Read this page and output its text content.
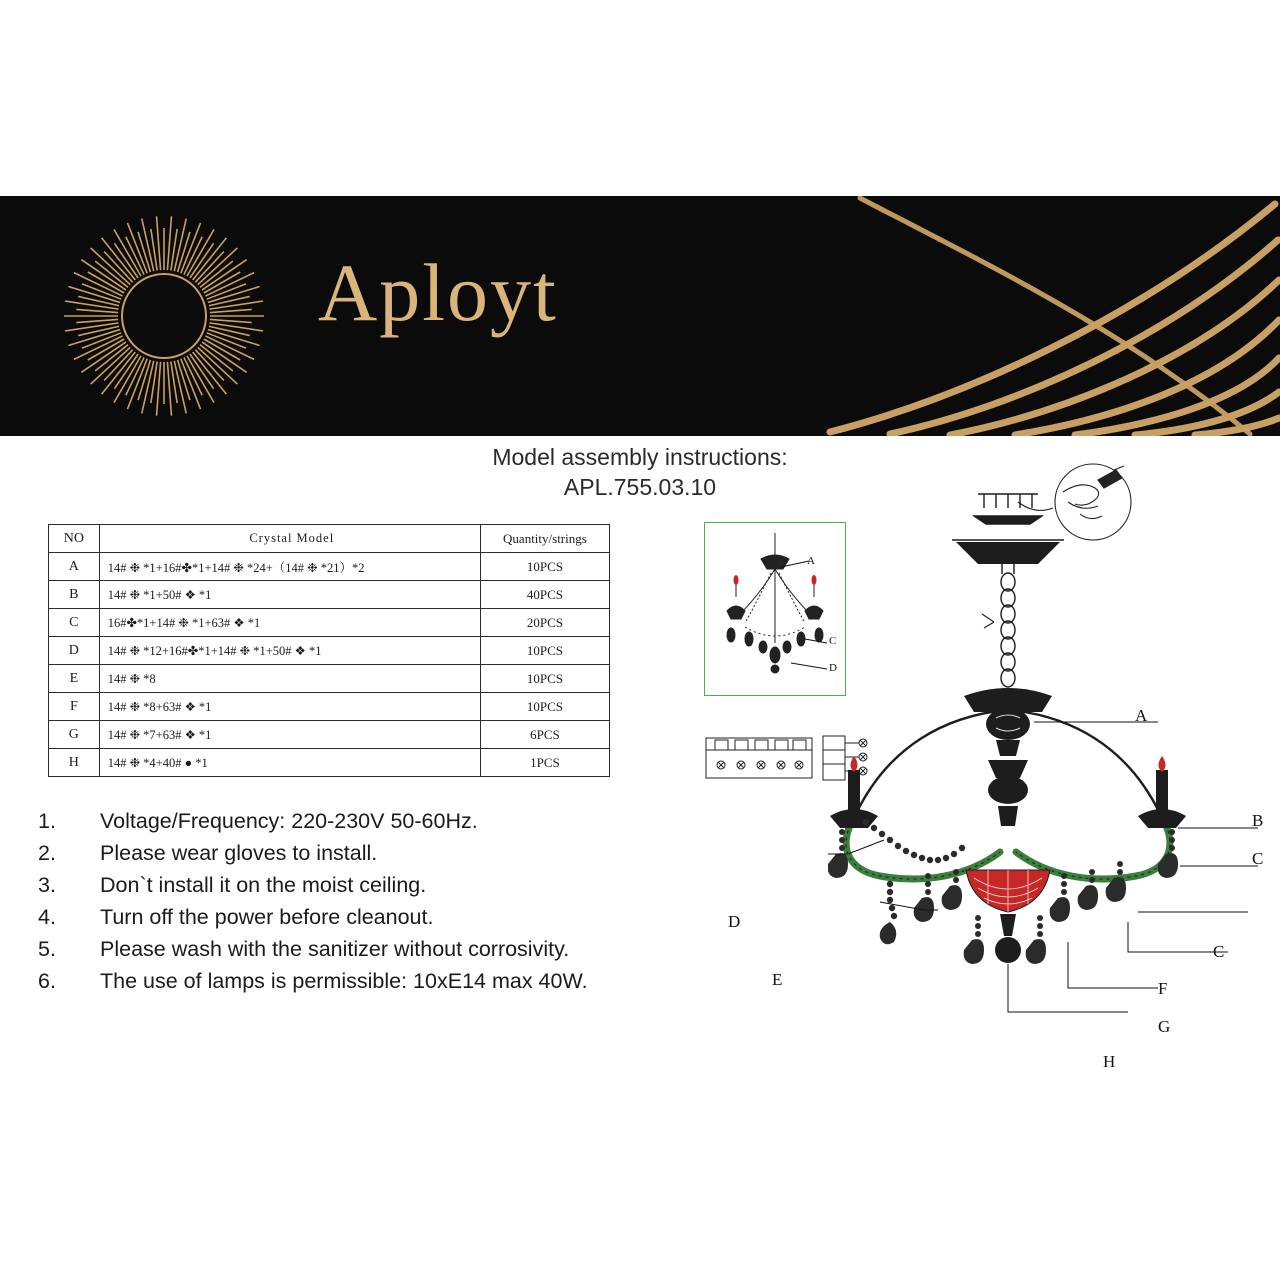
Aployt
Model assembly instructions:
APL.755.03.10
NO	Crystal Model	Quantity/strings
A	14# ❉ *1+16#✤*1+14# ❉ *24+（14# ❉ *21）*2	10PCS
B	14# ❉ *1+50# ❖ *1	40PCS
C	16#✤*1+14# ❉ *1+63# ❖ *1	20PCS
D	14# ❉ *12+16#✤*1+14# ❉ *1+50# ❖ *1	10PCS
E	14# ❉ *8	10PCS
F	14# ❉ *8+63# ❖ *1	10PCS
G	14# ❉ *7+63# ❖ *1	6PCS
H	14# ❉ *4+40# ● *1	1PCS
1.	Voltage/Frequency: 220-230V 50-60Hz.
2.	Please wear gloves to install.
3.	Don`t install it on the moist ceiling.
4.	Turn off the power before cleanout.
5.	Please wash with the sanitizer without corrosivity.
6.	The use of lamps is permissible: 10xE14 max 40W.
A
C
D
A
B
C
C
D
E	F
G
H
